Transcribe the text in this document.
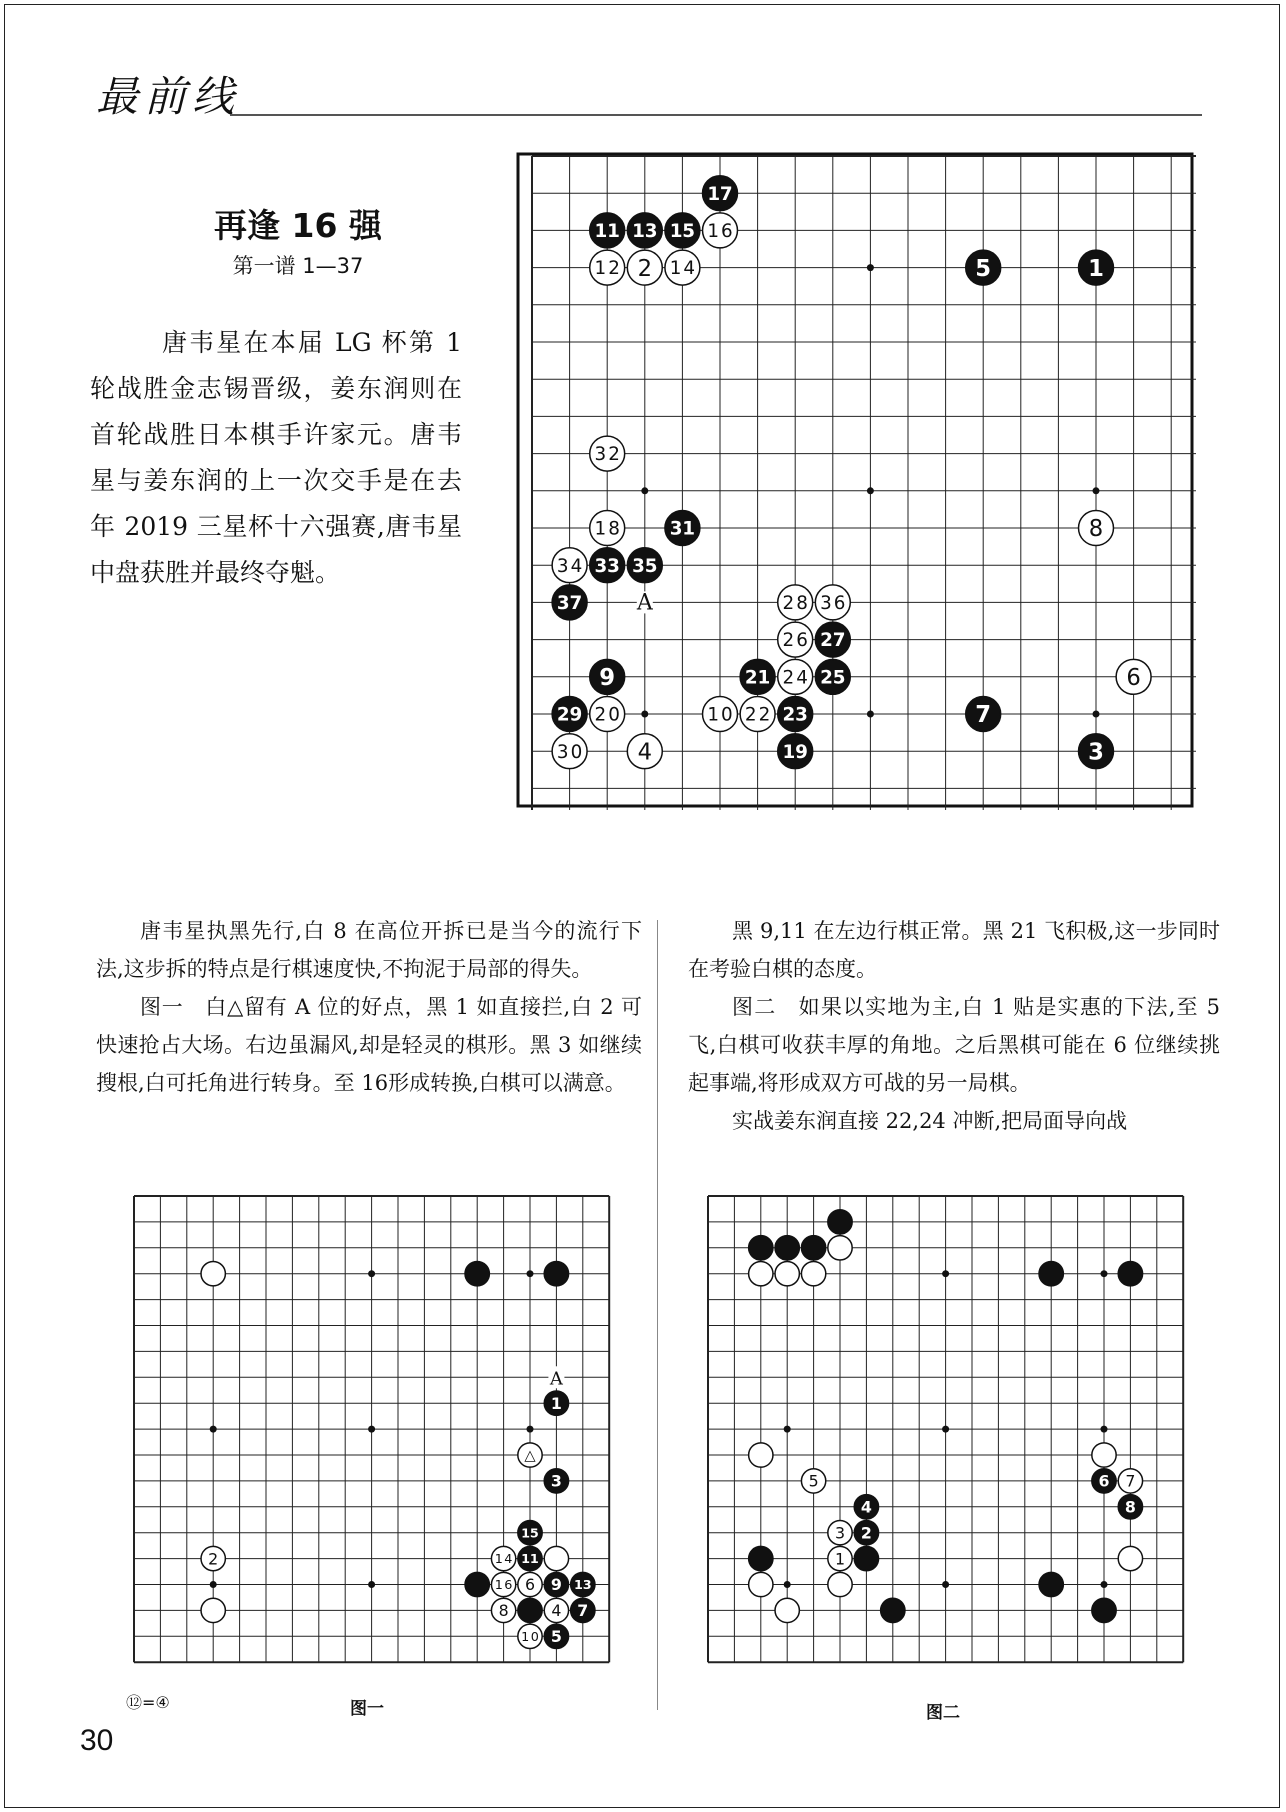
最前线
再逢 16 强
第一谱 1—37
唐韦星在本届 LG 杯第 1轮战胜金志锡晋级，姜东润则在首轮战胜日本棋手许家元。唐韦星与姜东润的上一次交手是在去年 2019 三星杯十六强赛,唐韦星中盘获胜并最终夺魁。
1
2
3
4
5
6
7
8
9
10
11
12
13
14
15 16
17
18
19
20
21
22 23
24 25
26 27
28
29
30
31
32
33
34	35
36
37 A

唐韦星执黑先行,白 8 在高位开拆已是当今的流行下法,这步拆的特点是行棋速度快,不拘泥于局部的得失。

图一　白△留有 A 位的好点，黑 1 如直接拦,白 2 可快速抢占大场。右边虽漏风,却是轻灵的棋形。黑 3 如继续搜根,白可托角进行转身。至 16形成转换,白棋可以满意。

黑 9,11 在左边行棋正常。黑 21 飞积极,这一步同时在考验白棋的态度。

图二　如果以实地为主,白 1 贴是实惠的下法,至 5 飞,白棋可收获丰厚的角地。之后黑棋可能在 6 位继续挑起事端,将形成双方可战的另一局棋。

实战姜东润直接 22,24 冲断,把局面导向战

1
△
3
15
14 11
2
16 6 9 13
8	4 7
10 5
A
⑫=④	图一
5	6 7
4	8
3 2
1
图二
30
